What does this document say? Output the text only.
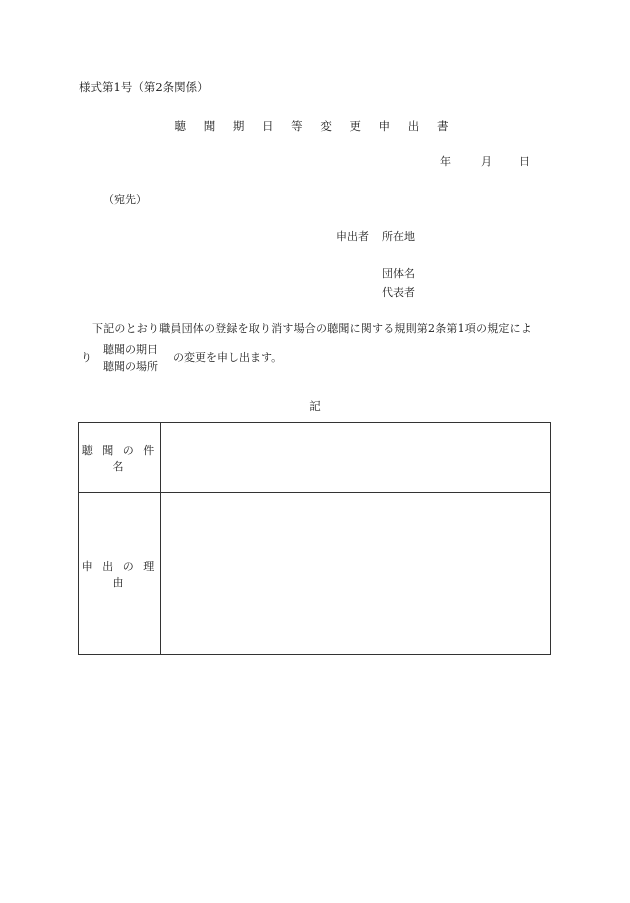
様式第1号（第2条関係）
聴 聞 期 日 等 変 更 申 出 書
年	月 日
（宛先）
申出者 所在地
団体名
代表者
下記のとおり職員団体の登録を取り消す場合の聴聞に関する規則第2条第1項の規定によ
り
聴聞の期日
聴聞の場所
の変更を申し出ます。
記
聴 聞 の 件 名	
申 出 の 理 由	
